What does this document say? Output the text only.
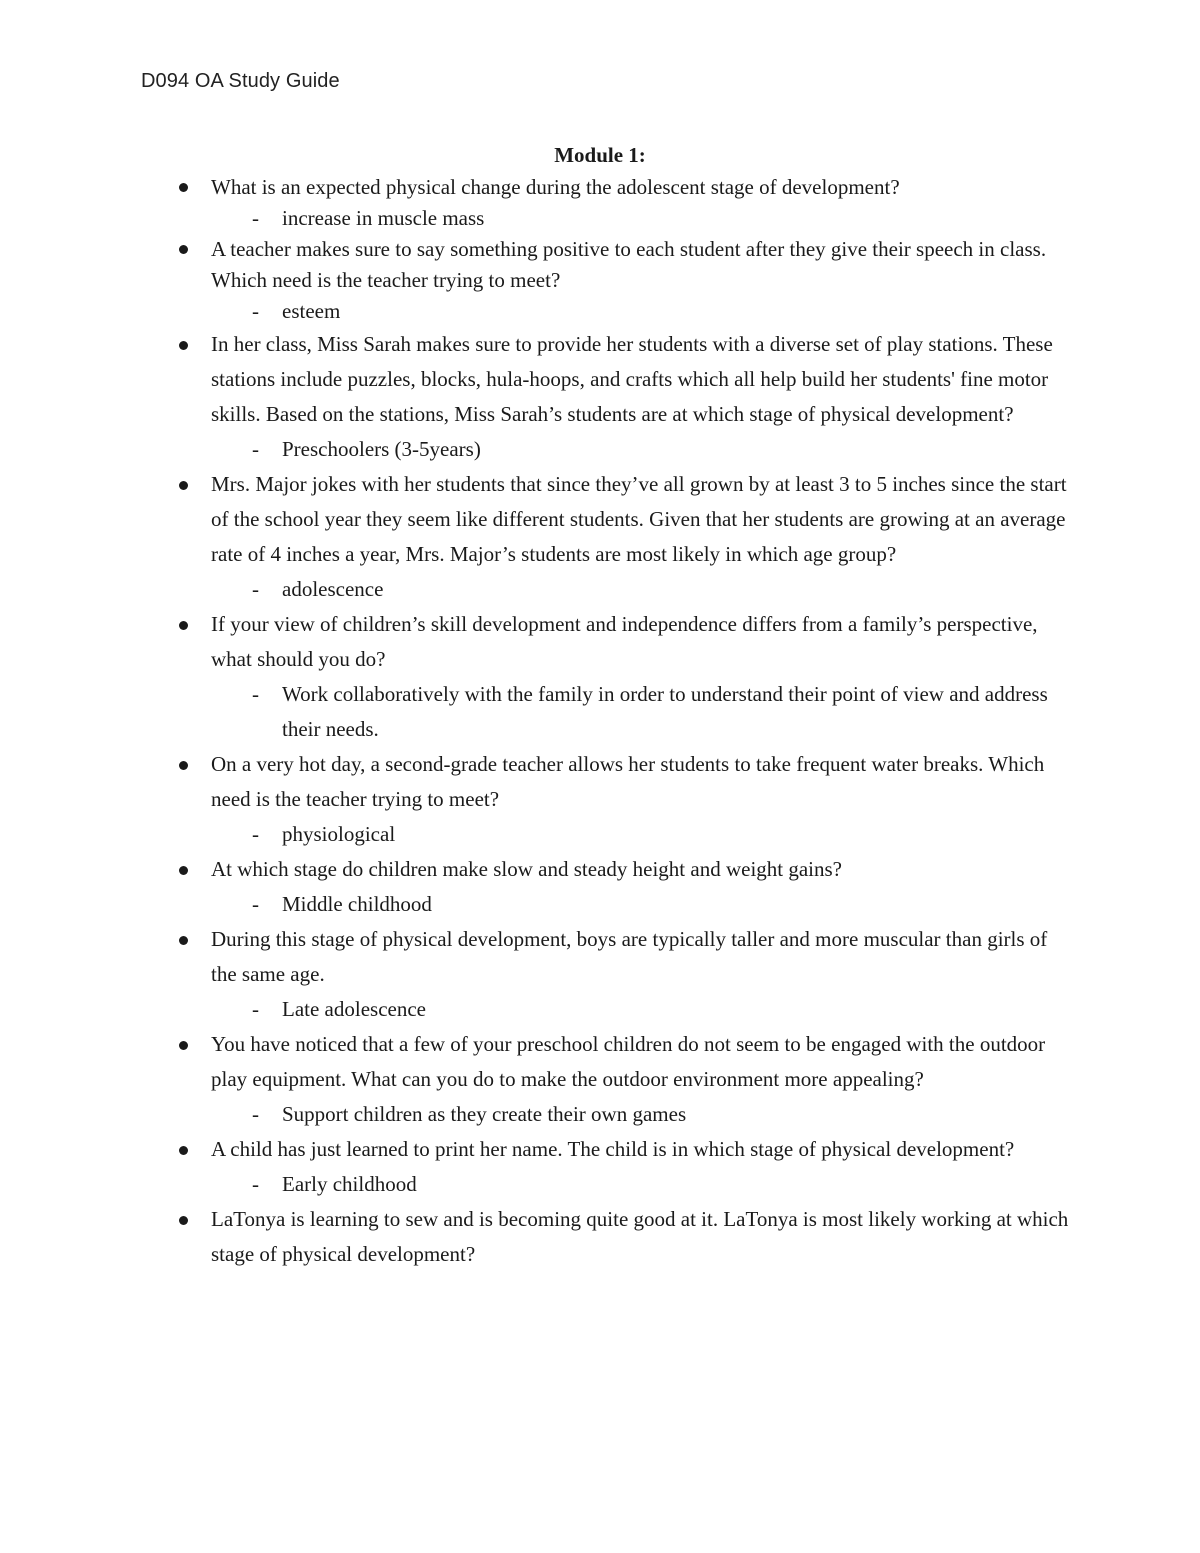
D094 OA Study Guide
Module 1:
What is an expected physical change during the adolescent stage of development?
- increase in muscle mass
A teacher makes sure to say something positive to each student after they give their speech in class. Which need is the teacher trying to meet?
- esteem
In her class, Miss Sarah makes sure to provide her students with a diverse set of play stations. These stations include puzzles, blocks, hula-hoops, and crafts which all help build her students' fine motor skills. Based on the stations, Miss Sarah’s students are at which stage of physical development?
- Preschoolers (3-5years)
Mrs. Major jokes with her students that since they’ve all grown by at least 3 to 5 inches since the start of the school year they seem like different students. Given that her students are growing at an average rate of 4 inches a year, Mrs. Major’s students are most likely in which age group?
- adolescence
If your view of children’s skill development and independence differs from a family’s perspective, what should you do?
- Work collaboratively with the family in order to understand their point of view and address their needs.
On a very hot day, a second-grade teacher allows her students to take frequent water breaks. Which need is the teacher trying to meet?
- physiological
At which stage do children make slow and steady height and weight gains?
- Middle childhood
During this stage of physical development, boys are typically taller and more muscular than girls of the same age.
- Late adolescence
You have noticed that a few of your preschool children do not seem to be engaged with the outdoor play equipment. What can you do to make the outdoor environment more appealing?
- Support children as they create their own games
A child has just learned to print her name. The child is in which stage of physical development?
- Early childhood
LaTonya is learning to sew and is becoming quite good at it. LaTonya is most likely working at which stage of physical development?
